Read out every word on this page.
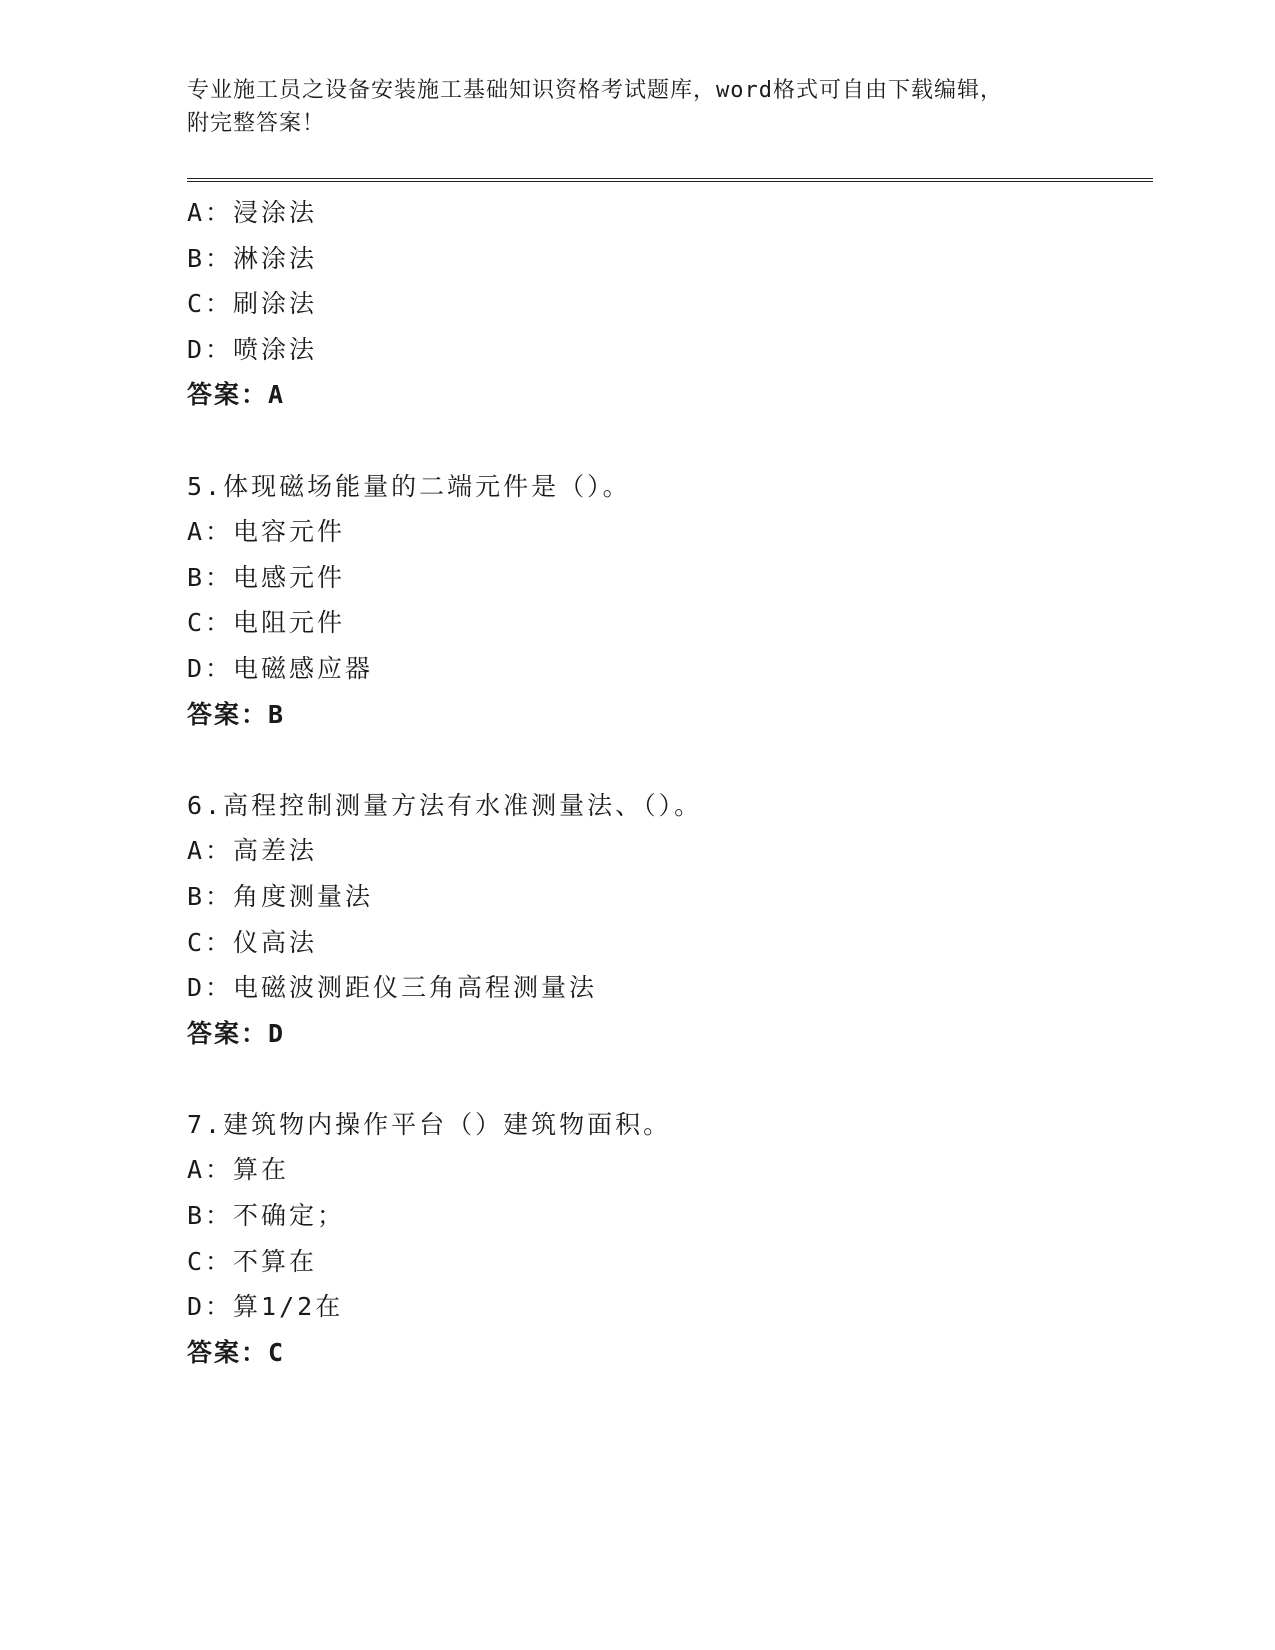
专业施工员之设备安装施工基础知识资格考试题库，word格式可自由下载编辑，
附完整答案！
A：浸涂法
B：淋涂法
C：刷涂法
D：喷涂法
答案：A
5.体现磁场能量的二端元件是（）。
A：电容元件
B：电感元件
C：电阻元件
D：电磁感应器
答案：B
6.高程控制测量方法有水准测量法、（）。
A：高差法
B：角度测量法
C：仪高法
D：电磁波测距仪三角高程测量法
答案：D
7.建筑物内操作平台（）建筑物面积。
A：算在
B：不确定；
C：不算在
D：算1/2在
答案：C
